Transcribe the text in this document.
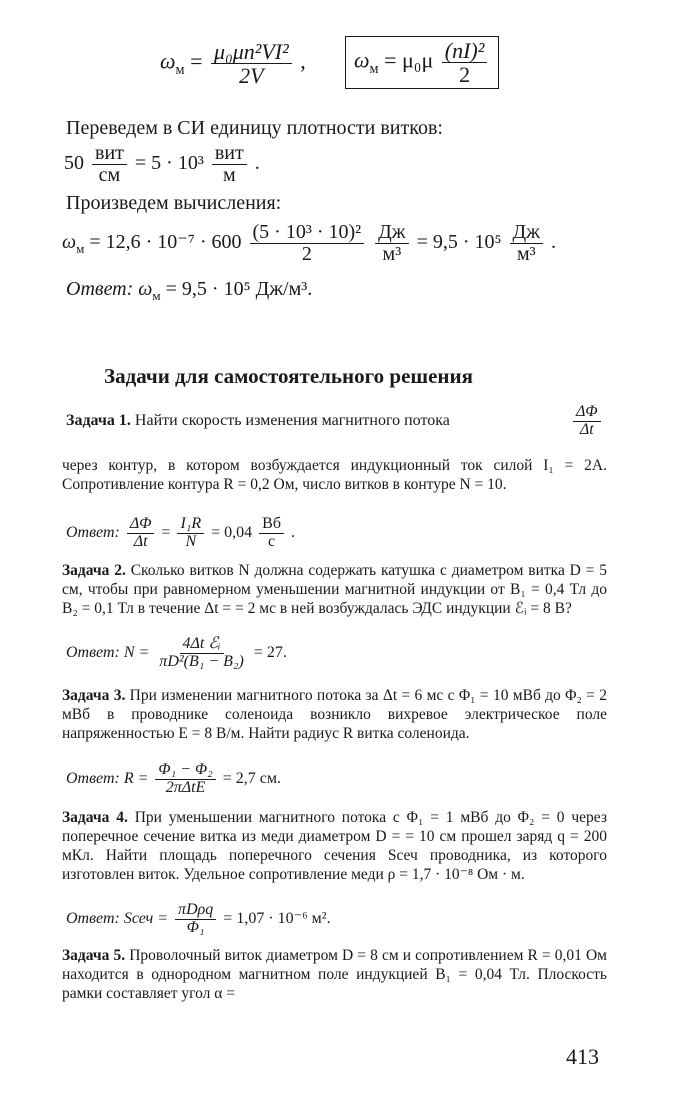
$\omega_м = \frac{\text{μ₀μn²VI²}}{2V}$ ,	$\omega_м = \mu_0\mu \frac{\text{(nI)²}}{2}$
Переведем в СИ единицу плотности витков:
$50 \frac{\text{вит}}{см} = 5 \cdot 10^3 \frac{\text{вит}}{м}$ .
Произведем вычисления:
$\omega_м = 12,6 \cdot 10^{-7} \cdot 600 \frac{\text{(5 · 10³ · 10)²}}{2}$
$\frac{Дж}{\text{м³}} = 9,5 \cdot 10^5 \frac{Дж}{\text{м³}}$ .
Ответ: $\omega_м = 9,5 \cdot 10^5$ Дж/м³.
Задачи для самостоятельного решения
Задача 1. Найти скорость изменения магнитного потока	$\frac{\Delta\Phi}{\Delta t}$
через контур, в котором возбуждается индукционный ток силой I₁ = 2А. Сопротивление контура R = 0,2 Ом, число витков в контуре N = 10.
Ответ: $\frac{\Delta\Phi}{\Delta t} = \frac{\text{I₁R}}{N} = 0,04 \frac{Вб}{с}$ .
Задача 2. Сколько витков N должна содержать катушка с диаметром витка D = 5 см, чтобы при равномерном уменьшении магнитной индукции от B₁ = 0,4 Тл до B₂ = 0,1 Тл в течение Δt = = 2 мс в ней возбуждалась ЭДС индукции ℰᵢ = 8 В?
Ответ: $N = \frac{\text{4Δt ℰᵢ}}{\text{πD²(B₁ − B₂)}} = 27$.
Задача 3. При изменении магнитного потока за Δt = 6 мс с Φ₁ = 10 мВб до Φ₂ = 2 мВб в проводнике соленоида возникло вихревое электрическое поле напряженностью E = 8 В/м. Найти радиус R витка соленоида.
Ответ: $R = \frac{\text{Φ₁ − Φ₂}}{\text{2πΔtE}} = 2,7$ см.
Задача 4. При уменьшении магнитного потока с Φ₁ = 1 мВб до Φ₂ = 0 через поперечное сечение витка из меди диаметром D = = 10 см прошел заряд q = 200 мКл. Найти площадь поперечного сечения Sсеч проводника, из которого изготовлен виток. Удельное сопротивление меди ρ = 1,7 · 10⁻⁸ Ом · м.
Ответ: Sсеч = $\frac{\text{πDρq}}{\text{Φ₁}} = 1,07 \cdot 10^{-6}$ м².
Задача 5. Проволочный виток диаметром D = 8 см и сопротивлением R = 0,01 Ом находится в однородном магнитном поле индукцией B₁ = 0,04 Тл. Плоскость рамки составляет угол α =
413
